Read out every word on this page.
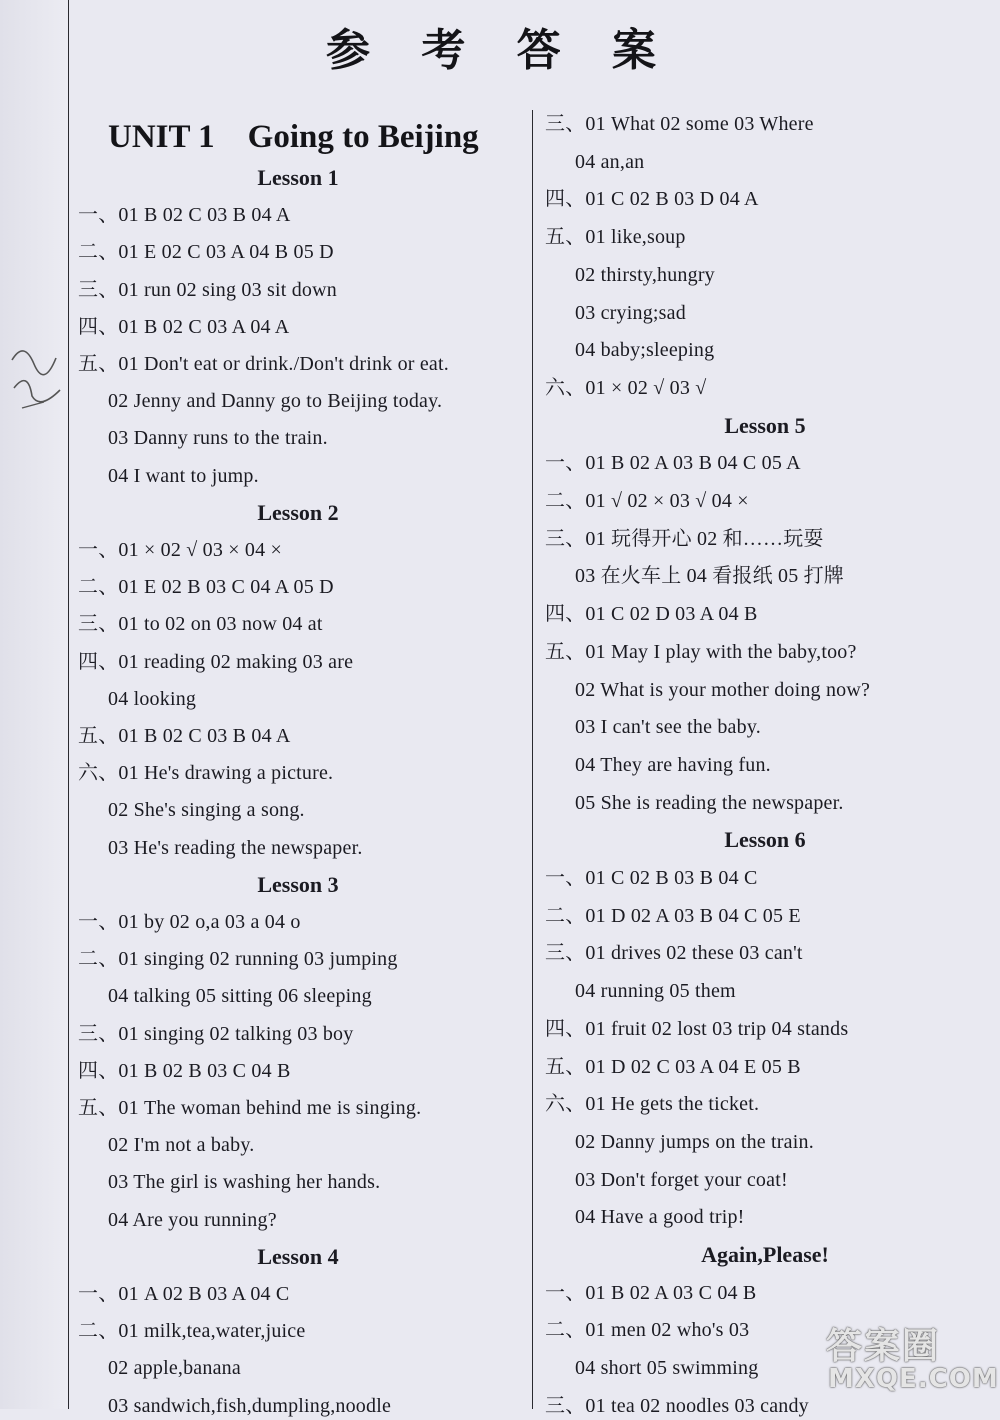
参 考 答 案
UNIT 1　Going to Beijing
Lesson 1
一、01 B 02 C 03 B 04 A
二、01 E 02 C 03 A 04 B 05 D
三、01 run 02 sing 03 sit down
四、01 B 02 C 03 A 04 A
五、01 Don't eat or drink./Don't drink or eat.
02 Jenny and Danny go to Beijing today.
03 Danny runs to the train.
04 I want to jump.
Lesson 2
一、01 × 02 √ 03 × 04 ×
二、01 E 02 B 03 C 04 A 05 D
三、01 to 02 on 03 now 04 at
四、01 reading 02 making 03 are
04 looking
五、01 B 02 C 03 B 04 A
六、01 He's drawing a picture.
02 She's singing a song.
03 He's reading the newspaper.
Lesson 3
一、01 by 02 o,a 03 a 04 o
二、01 singing 02 running 03 jumping
04 talking 05 sitting 06 sleeping
三、01 singing 02 talking 03 boy
四、01 B 02 B 03 C 04 B
五、01 The woman behind me is singing.
02 I'm not a baby.
03 The girl is washing her hands.
04 Are you running?
Lesson 4
一、01 A 02 B 03 A 04 C
二、01 milk,tea,water,juice
02 apple,banana
03 sandwich,fish,dumpling,noodle
三、01 What 02 some 03 Where
04 an,an
四、01 C 02 B 03 D 04 A
五、01 like,soup
02 thirsty,hungry
03 crying;sad
04 baby;sleeping
六、01 × 02 √ 03 √
Lesson 5
一、01 B 02 A 03 B 04 C 05 A
二、01 √ 02 × 03 √ 04 ×
三、01 玩得开心 02 和……玩耍
03 在火车上 04 看报纸 05 打牌
四、01 C 02 D 03 A 04 B
五、01 May I play with the baby,too?
02 What is your mother doing now?
03 I can't see the baby.
04 They are having fun.
05 She is reading the newspaper.
Lesson 6
一、01 C 02 B 03 B 04 C
二、01 D 02 A 03 B 04 C 05 E
三、01 drives 02 these 03 can't
04 running 05 them
四、01 fruit 02 lost 03 trip 04 stands
五、01 D 02 C 03 A 04 E 05 B
六、01 He gets the ticket.
02 Danny jumps on the train.
03 Don't forget your coat!
04 Have a good trip!
Again,Please!
一、01 B 02 A 03 C 04 B
二、01 men 02 who's 03
04 short 05 swimming
三、01 tea 02 noodles 03 candy
答案圈
MXQE.COM
